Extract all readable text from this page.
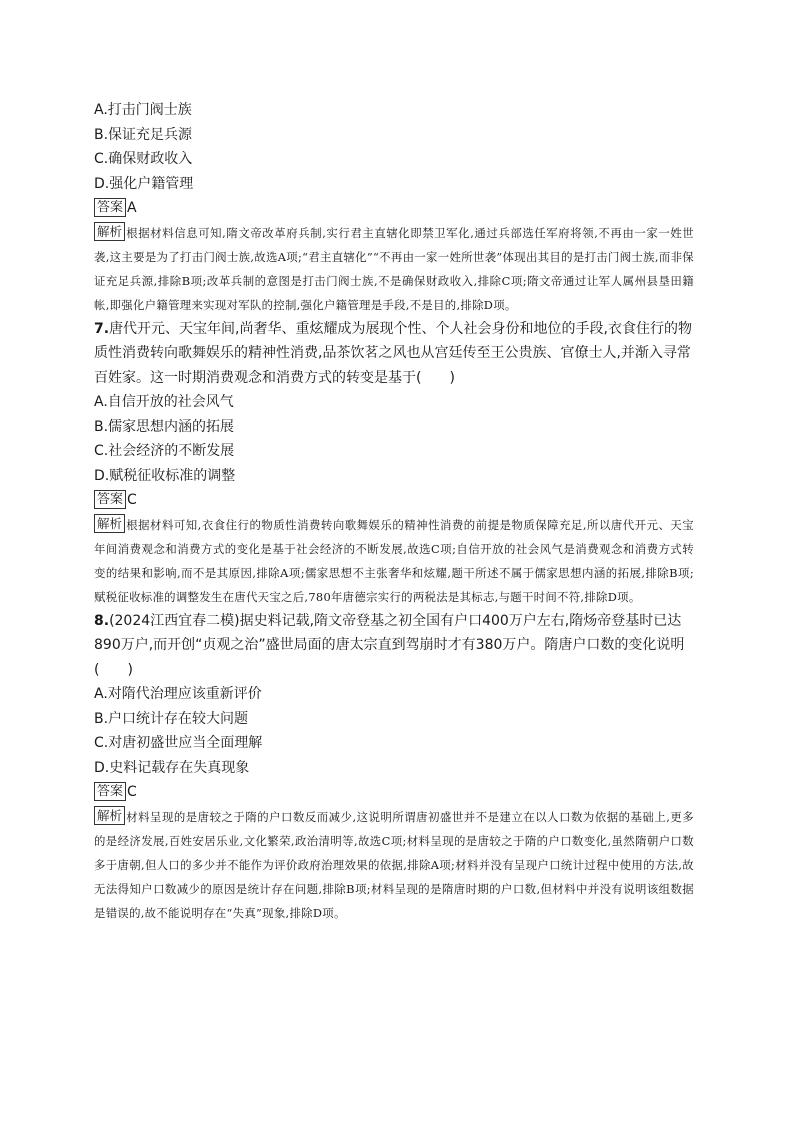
A.打击门阀士族
B.保证充足兵源
C.确保财政收入
D.强化户籍管理
答案 A
解析 根据材料信息可知,隋文帝改革府兵制,实行君主直辖化即禁卫军化,通过兵部选任军府将领,不再由一家一姓世袭,这主要是为了打击门阀士族,故选A项;“君主直辖化”“不再由一家一姓所世袭”体现出其目的是打击门阀士族,而非保证充足兵源,排除B项;改革兵制的意图是打击门阀士族,不是确保财政收入,排除C项;隋文帝通过让军人属州县垦田籍帐,即强化户籍管理来实现对军队的控制,强化户籍管理是手段,不是目的,排除D项。
7.唐代开元、天宝年间,尚奢华、重炫耀成为展现个性、个人社会身份和地位的手段,衣食住行的物质性消费转向歌舞娱乐的精神性消费,品茶饮茗之风也从宫廷传至王公贵族、官僚士人,并渐入寻常百姓家。这一时期消费观念和消费方式的转变是基于(　　)
A.自信开放的社会风气
B.儒家思想内涵的拓展
C.社会经济的不断发展
D.赋税征收标准的调整
答案 C
解析 根据材料可知,衣食住行的物质性消费转向歌舞娱乐的精神性消费的前提是物质保障充足,所以唐代开元、天宝年间消费观念和消费方式的变化是基于社会经济的不断发展,故选C项;自信开放的社会风气是消费观念和消费方式转变的结果和影响,而不是其原因,排除A项;儒家思想不主张奢华和炫耀,题干所述不属于儒家思想内涵的拓展,排除B项;赋税征收标准的调整发生在唐代天宝之后,780年唐德宗实行的两税法是其标志,与题干时间不符,排除D项。
8.(2024江西宜春二模)据史料记载,隋文帝登基之初全国有户口400万户左右,隋炀帝登基时已达890万户,而开创“贞观之治”盛世局面的唐太宗直到驾崩时才有380万户。隋唐户口数的变化说明(　　)
A.对隋代治理应该重新评价
B.户口统计存在较大问题
C.对唐初盛世应当全面理解
D.史料记载存在失真现象
答案 C
解析 材料呈现的是唐较之于隋的户口数反而减少,这说明所谓唐初盛世并不是建立在以人口数为依据的基础上,更多的是经济发展,百姓安居乐业,文化繁荣,政治清明等,故选C项;材料呈现的是唐较之于隋的户口数变化,虽然隋朝户口数多于唐朝,但人口的多少并不能作为评价政府治理效果的依据,排除A项;材料并没有呈现户口统计过程中使用的方法,故无法得知户口数减少的原因是统计存在问题,排除B项;材料呈现的是隋唐时期的户口数,但材料中并没有说明该组数据是错误的,故不能说明存在“失真”现象,排除D项。
